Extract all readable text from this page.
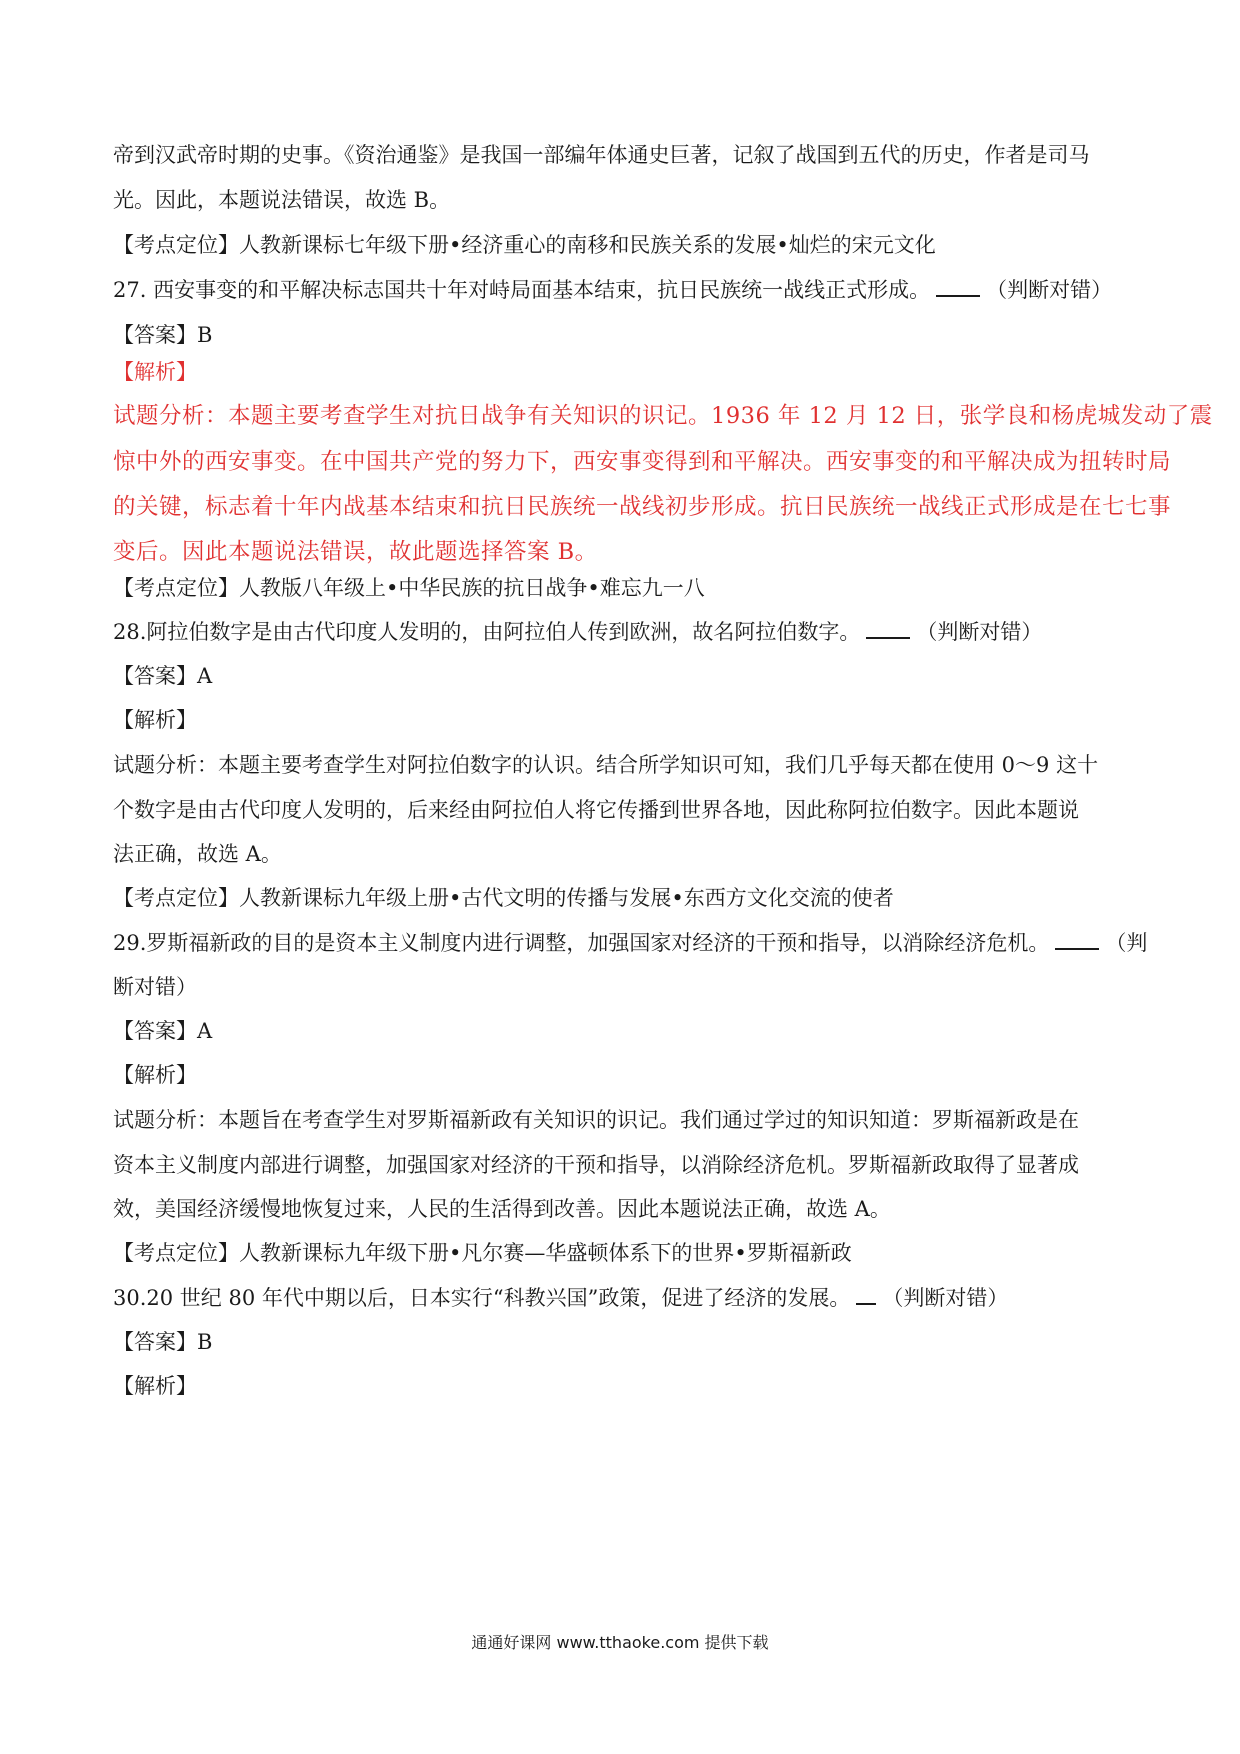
帝到汉武帝时期的史事。《资治通鉴》是我国一部编年体通史巨著，记叙了战国到五代的历史，作者是司马
光。因此，本题说法错误，故选 B。
【考点定位】人教新课标七年级下册•经济重心的南移和民族关系的发展•灿烂的宋元文化
27. 西安事变的和平解决标志国共十年对峙局面基本结束，抗日民族统一战线正式形成。	（判断对错）
【答案】B
【解析】
试题分析：本题主要考查学生对抗日战争有关知识的识记。1936 年 12 月 12 日，张学良和杨虎城发动了震
惊中外的西安事变。在中国共产党的努力下，西安事变得到和平解决。西安事变的和平解决成为扭转时局
的关键，标志着十年内战基本结束和抗日民族统一战线初步形成。抗日民族统一战线正式形成是在七七事
变后。因此本题说法错误，故此题选择答案 B。
【考点定位】人教版八年级上•中华民族的抗日战争•难忘九一八
28.阿拉伯数字是由古代印度人发明的，由阿拉伯人传到欧洲，故名阿拉伯数字。	（判断对错）
【答案】A
【解析】
试题分析：本题主要考查学生对阿拉伯数字的认识。结合所学知识可知，我们几乎每天都在使用 0～9 这十
个数字是由古代印度人发明的，后来经由阿拉伯人将它传播到世界各地，因此称阿拉伯数字。因此本题说
法正确，故选 A。
【考点定位】人教新课标九年级上册•古代文明的传播与发展•东西方文化交流的使者
29.罗斯福新政的目的是资本主义制度内进行调整，加强国家对经济的干预和指导，以消除经济危机。	（判
断对错）
【答案】A
【解析】
试题分析：本题旨在考查学生对罗斯福新政有关知识的识记。我们通过学过的知识知道：罗斯福新政是在
资本主义制度内部进行调整，加强国家对经济的干预和指导，以消除经济危机。罗斯福新政取得了显著成
效，美国经济缓慢地恢复过来，人民的生活得到改善。因此本题说法正确，故选 A。
【考点定位】人教新课标九年级下册•凡尔赛—华盛顿体系下的世界•罗斯福新政
30.20 世纪 80 年代中期以后，日本实行“科教兴国”政策，促进了经济的发展。 （判断对错）
【答案】B
【解析】
通通好课网 www.tthaoke.com 提供下载
